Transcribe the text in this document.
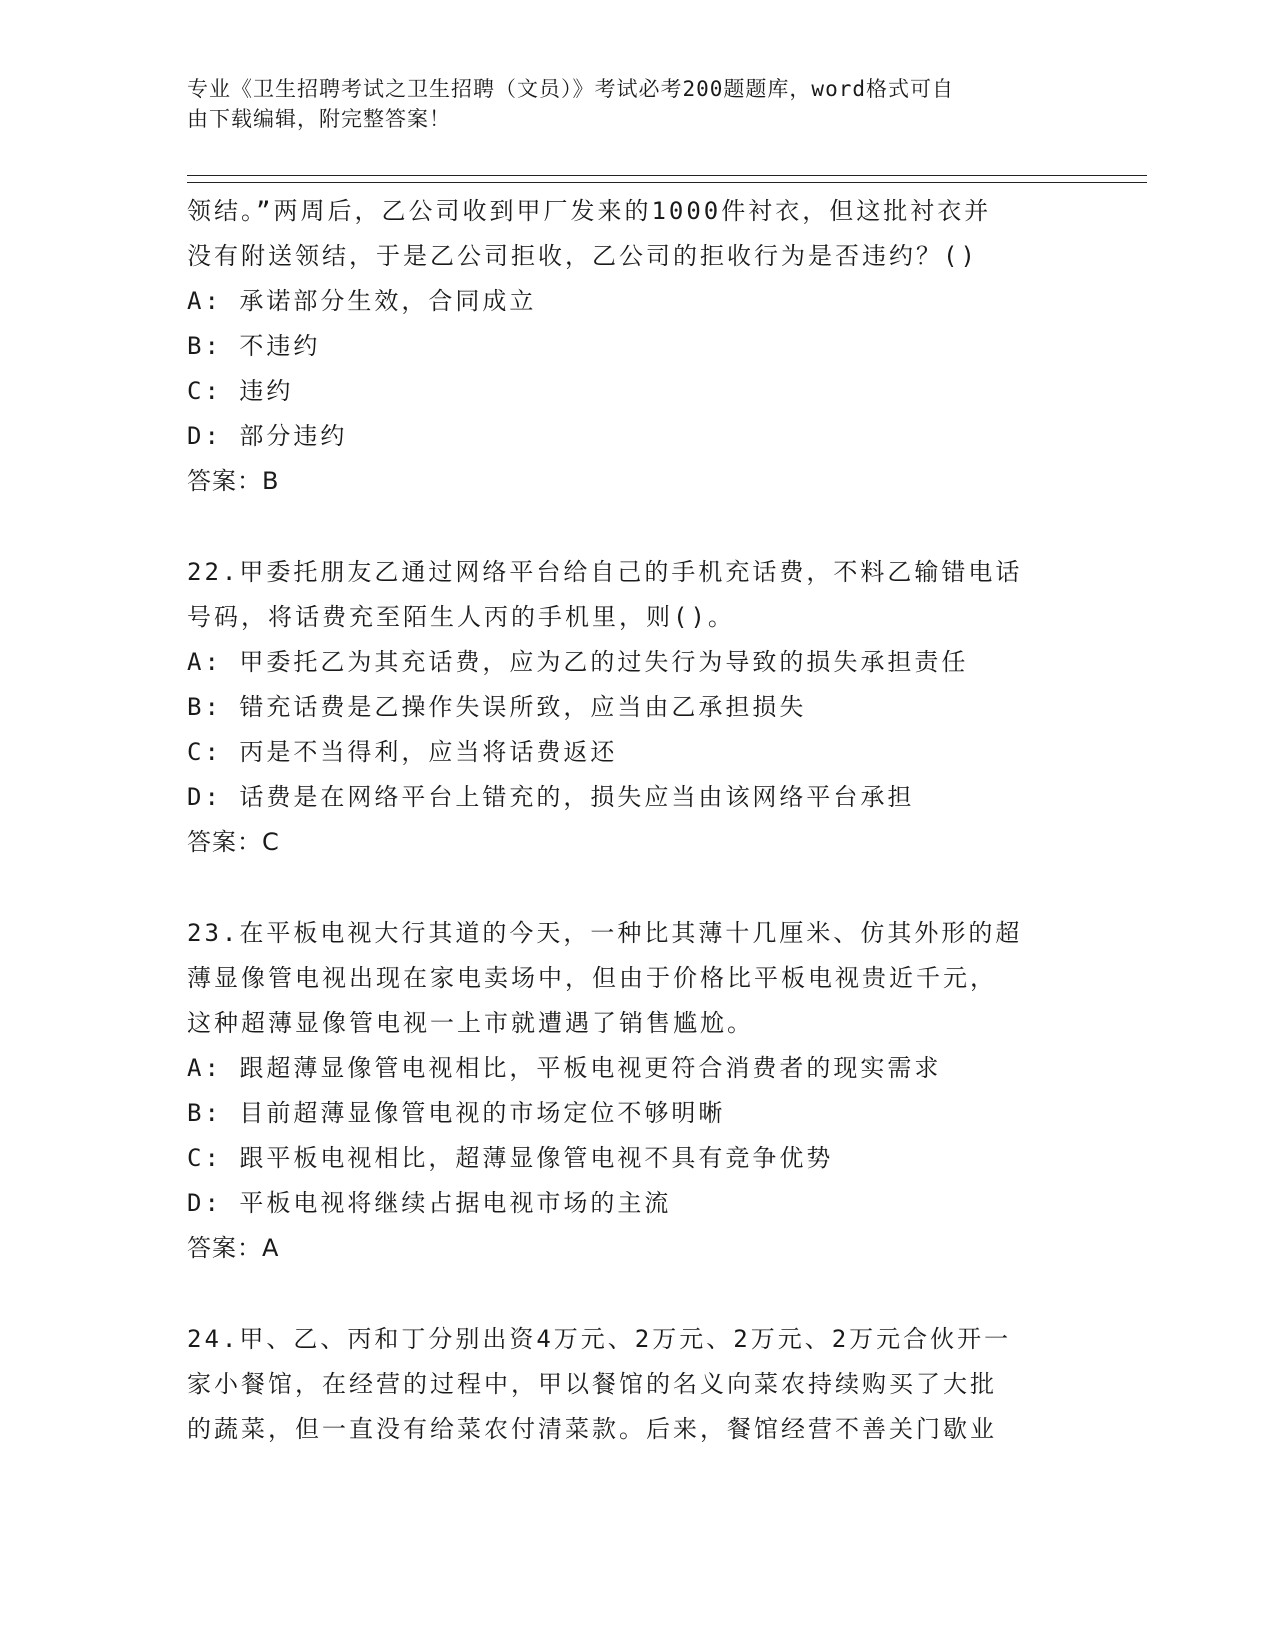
专业《卫生招聘考试之卫生招聘（文员）》考试必考200题题库，word格式可自
由下载编辑，附完整答案！
领结。”两周后，乙公司收到甲厂发来的1000件衬衣，但这批衬衣并
没有附送领结，于是乙公司拒收，乙公司的拒收行为是否违约？()
A: 承诺部分生效，合同成立
B: 不违约
C: 违约
D: 部分违约
答案：B
22.甲委托朋友乙通过网络平台给自己的手机充话费，不料乙输错电话
号码，将话费充至陌生人丙的手机里，则()。
A: 甲委托乙为其充话费，应为乙的过失行为导致的损失承担责任
B: 错充话费是乙操作失误所致，应当由乙承担损失
C: 丙是不当得利，应当将话费返还
D: 话费是在网络平台上错充的，损失应当由该网络平台承担
答案：C
23.在平板电视大行其道的今天，一种比其薄十几厘米、仿其外形的超
薄显像管电视出现在家电卖场中，但由于价格比平板电视贵近千元，
这种超薄显像管电视一上市就遭遇了销售尴尬。
A: 跟超薄显像管电视相比，平板电视更符合消费者的现实需求
B: 目前超薄显像管电视的市场定位不够明晰
C: 跟平板电视相比，超薄显像管电视不具有竞争优势
D: 平板电视将继续占据电视市场的主流
答案：A
24.甲、乙、丙和丁分别出资4万元、2万元、2万元、2万元合伙开一
家小餐馆，在经营的过程中，甲以餐馆的名义向菜农持续购买了大批
的蔬菜，但一直没有给菜农付清菜款。后来，餐馆经营不善关门歇业
